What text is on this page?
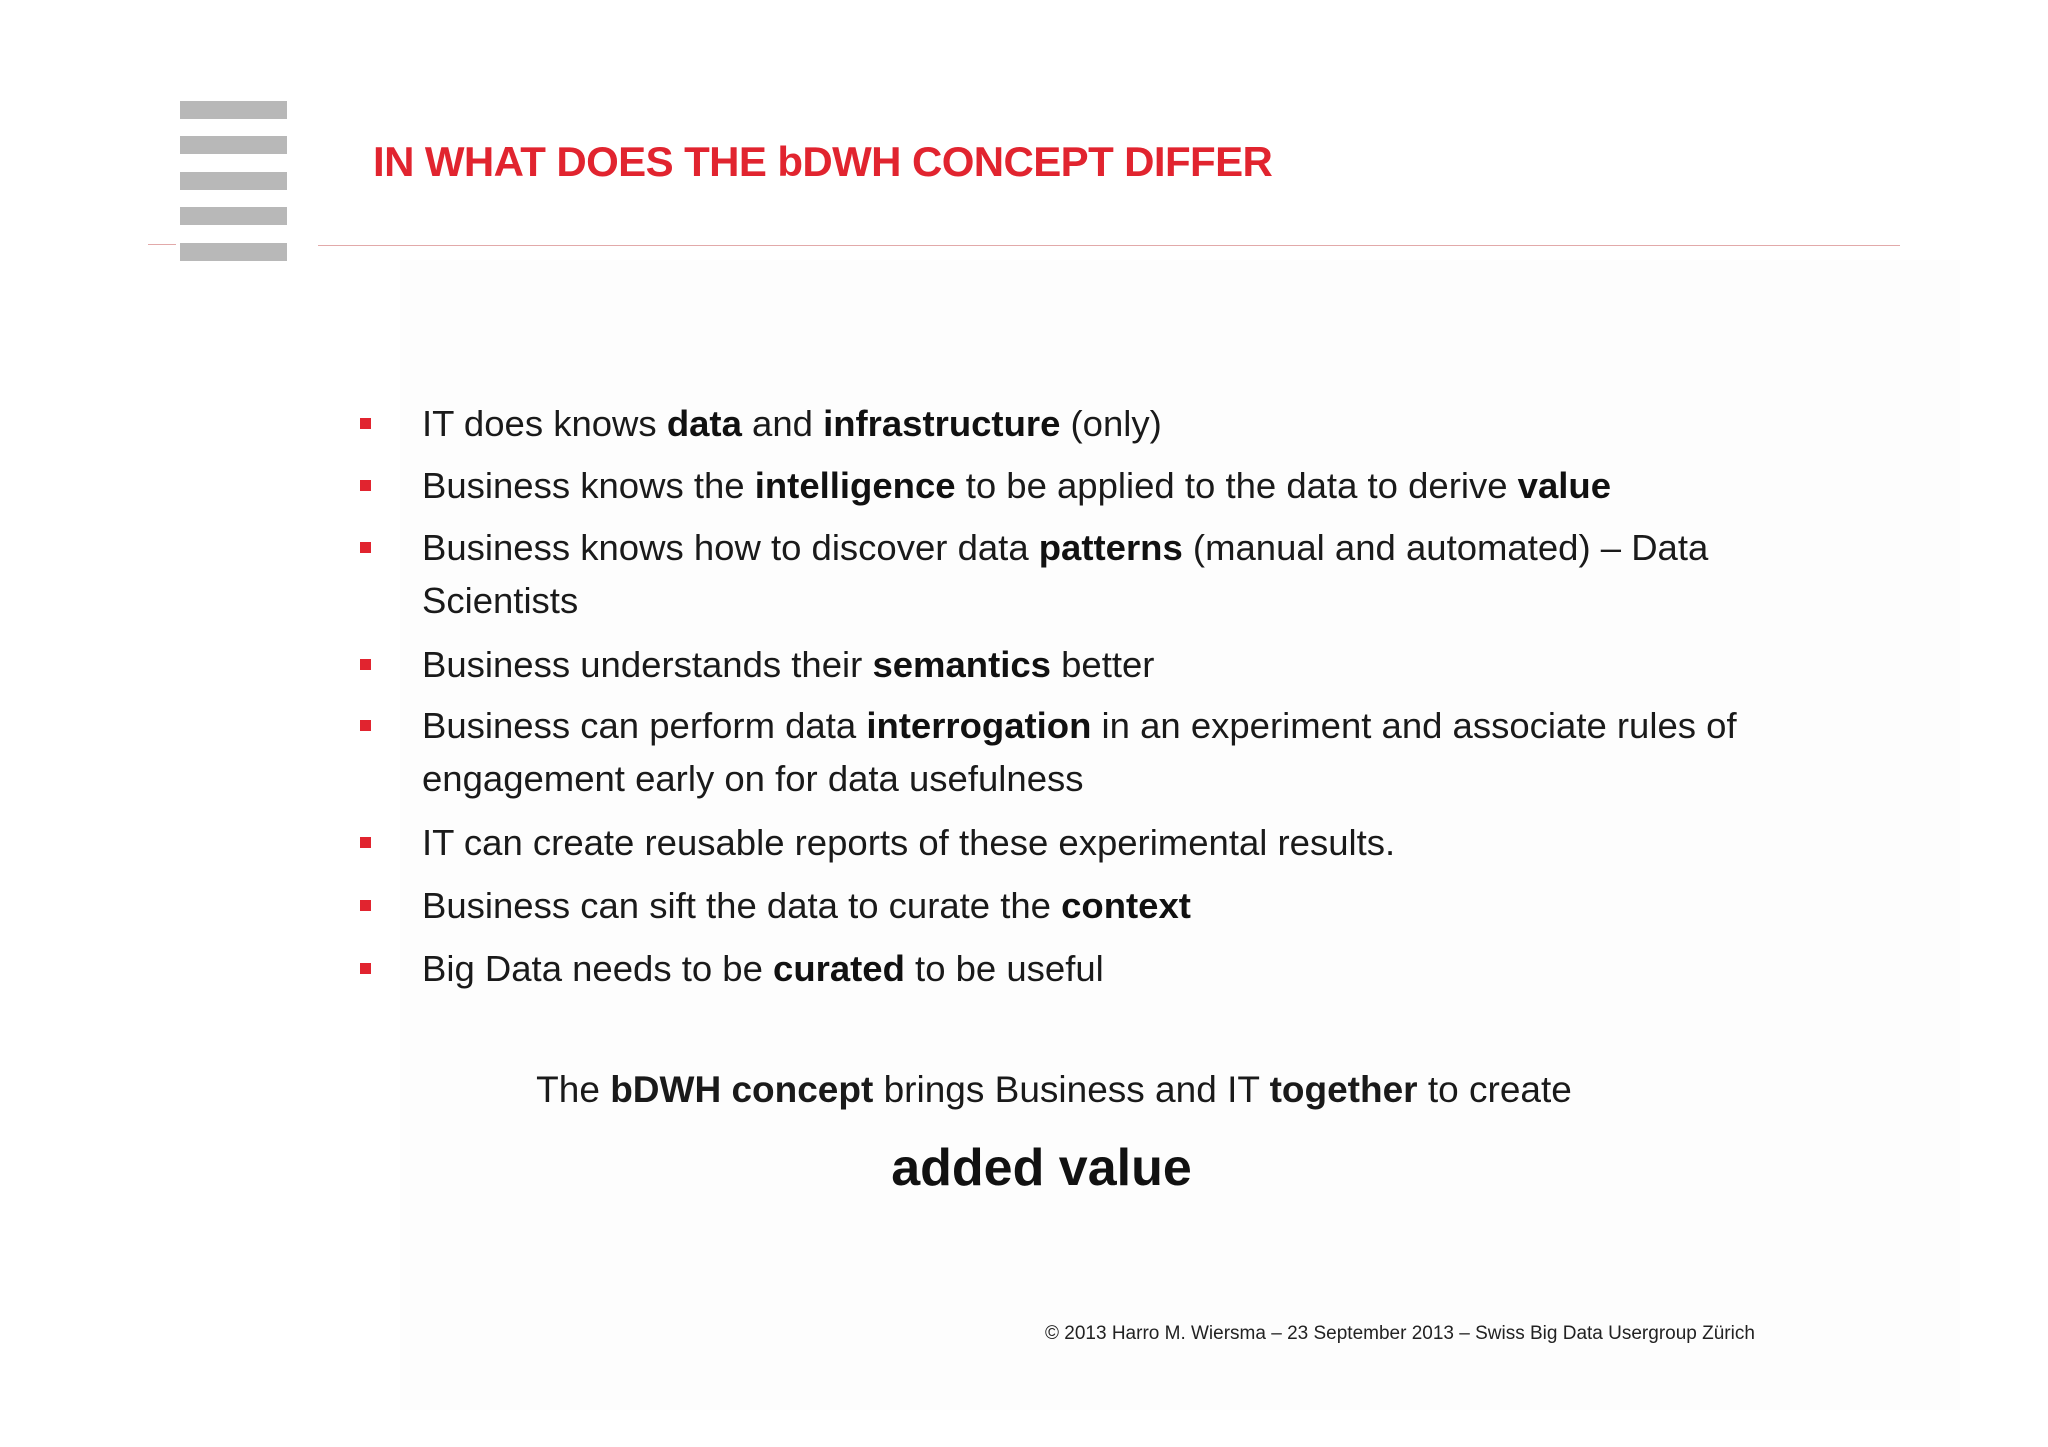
IN WHAT DOES THE bDWH CONCEPT DIFFER
IT does knows data and infrastructure (only)
Business knows the intelligence to be applied to the data to derive value
Business knows how to discover data patterns (manual and automated) – Data Scientists
Business understands their semantics better
Business can perform data interrogation in an experiment and associate rules of engagement early on for data usefulness
IT can create reusable reports of these experimental results.
Business can sift the data to curate the context
Big Data needs to be curated to be useful
The bDWH concept brings Business and IT together to create
added value
© 2013 Harro M. Wiersma – 23 September 2013 – Swiss Big Data Usergroup Zürich
